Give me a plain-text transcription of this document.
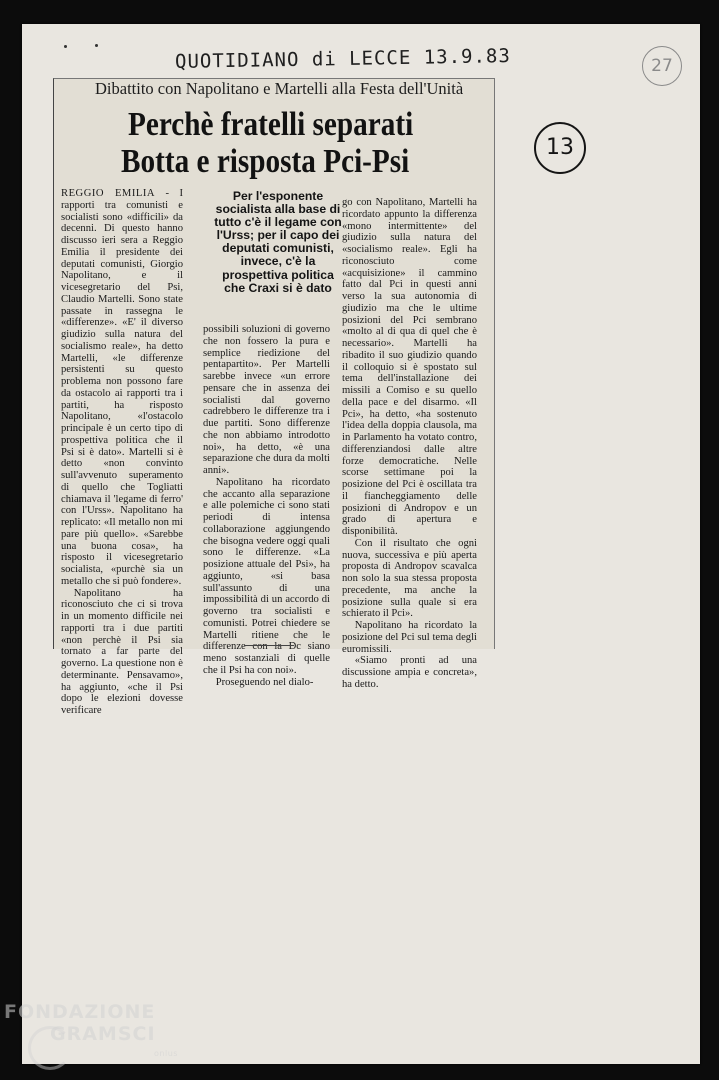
QUOTIDIANO di LECCE 13.9.83	27
13
Dibattito con Napolitano e Martelli alla Festa dell'Unità
Perchè fratelli separati
Botta e risposta Pci-Psi

REGGIO EMILIA - I rapporti tra comunisti e socialisti sono «difficili» da decenni. Di questo hanno discusso ieri sera a Reggio Emilia il presidente dei deputati comunisti, Giorgio Napolitano, e il vicesegretario del Psi, Claudio Martelli. Sono state passate in rassegna le «differenze». «E' il diverso giudizio sulla natura del socialismo reale», ha detto Martelli, «le differenze persistenti su questo problema non possono fare da ostacolo ai rapporti tra i partiti, ha risposto Napolitano, «l'ostacolo principale è un certo tipo di prospettiva politica che il Psi si è dato». Martelli si è detto «non convinto sull'avvenuto superamento di quello che Togliatti chiamava il 'legame di ferro' con l'Urss». Napolitano ha replicato: «Il metallo non mi pare più quello». «Sarebbe una buona cosa», ha risposto il vicesegretario socialista, «purchè sia un metallo che si può fondere».

Napolitano ha riconosciuto che ci si trova in un momento difficile nei rapporti tra i due partiti «non perchè il Psi sia tornato a far parte del governo. La questione non è determinante. Pensavamo», ha aggiunto, «che il Psi dopo le elezioni dovesse verificare

Per l'esponente socialista alla base di tutto c'è il legame con l'Urss; per il capo dei deputati comunisti, invece, c'è la prospettiva politica che Craxi si è dato

possibili soluzioni di governo che non fossero la pura e semplice riedizione del pentapartito». Per Martelli sarebbe invece «un errore pensare che in assenza dei socialisti dal governo cadrebbero le differenze tra i due partiti. Sono differenze che non abbiamo introdotto noi», ha detto, «è una separazione che dura da molti anni».

Napolitano ha ricordato che accanto alla separazione e alle polemiche ci sono stati periodi di intensa collaborazione aggiungendo che bisogna vedere oggi quali sono le differenze. «La posizione attuale del Psi», ha aggiunto, «si basa sull'assunto di una impossibilità di un accordo di governo tra socialisti e comunisti. Potrei chiedere se Martelli ritiene che le differenze con la Dc siano meno sostanziali di quelle che il Psi ha con noi».

Proseguendo nel dialo-

go con Napolitano, Martelli ha ricordato appunto la differenza «mono intermittente» del giudizio sulla natura del «socialismo reale». Egli ha riconosciuto come «acquisizione» il cammino fatto dal Pci in questi anni verso la sua autonomia di giudizio ma che le ultime posizioni del Pci sembrano «molto al di qua di quel che è necessario». Martelli ha ribadito il suo giudizio quando il colloquio si è spostato sul tema dell'installazione dei missili a Comiso e su quello della pace e del disarmo. «Il Pci», ha detto, «ha sostenuto l'idea della doppia clausola, ma in Parlamento ha votato contro, differenziandosi dalle altre forze democratiche. Nelle scorse settimane poi la posizione del Pci è oscillata tra il fiancheggiamento delle posizioni di Andropov e un grado di apertura e disponibilità.

Con il risultato che ogni nuova, successiva e più aperta proposta di Andropov scavalca non solo la sua stessa proposta precedente, ma anche la posizione sulla quale si era schierato il Pci».

Napolitano ha ricordato la posizione del Pci sul tema degli euromissili.

«Siamo pronti ad una discussione ampia e concreta», ha detto.

FONDAZIONE
GRAMSCI
onlus
